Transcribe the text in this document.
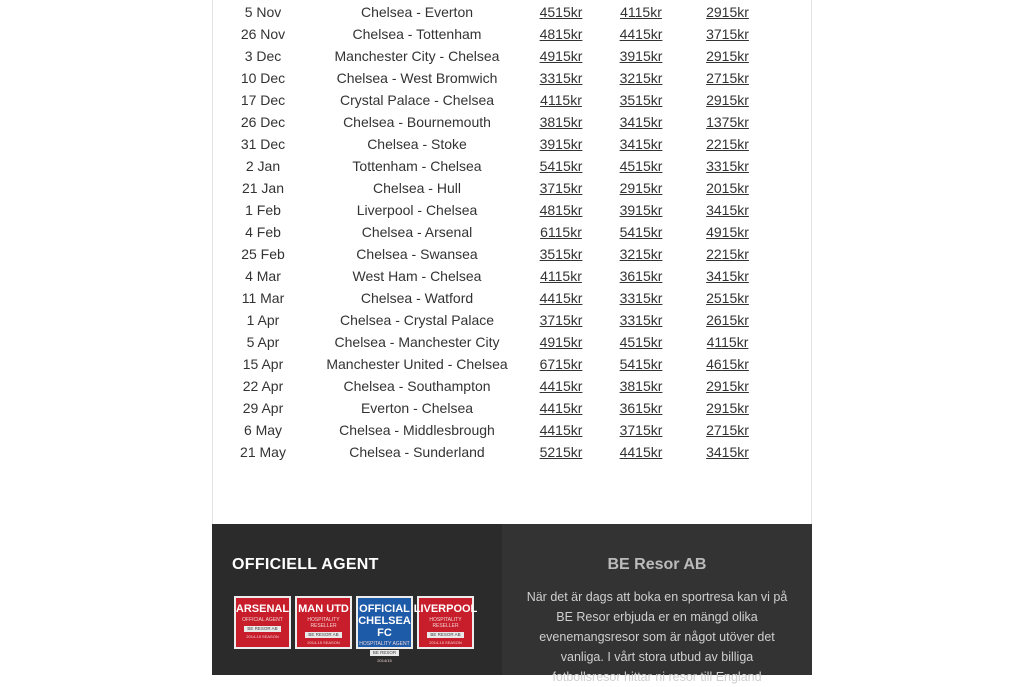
5 Nov	Chelsea - Everton	4515kr	4115kr	2915kr
26 Nov	Chelsea - Tottenham	4815kr	4415kr	3715kr
3 Dec	Manchester City - Chelsea	4915kr	3915kr	2915kr
10 Dec	Chelsea - West Bromwich	3315kr	3215kr	2715kr
17 Dec	Crystal Palace - Chelsea	4115kr	3515kr	2915kr
26 Dec	Chelsea - Bournemouth	3815kr	3415kr	1375kr
31 Dec	Chelsea - Stoke	3915kr	3415kr	2215kr
2 Jan	Tottenham - Chelsea	5415kr	4515kr	3315kr
21 Jan	Chelsea - Hull	3715kr	2915kr	2015kr
1 Feb	Liverpool - Chelsea	4815kr	3915kr	3415kr
4 Feb	Chelsea - Arsenal	6115kr	5415kr	4915kr
25 Feb	Chelsea - Swansea	3515kr	3215kr	2215kr
4 Mar	West Ham - Chelsea	4115kr	3615kr	3415kr
11 Mar	Chelsea - Watford	4415kr	3315kr	2515kr
1 Apr	Chelsea - Crystal Palace	3715kr	3315kr	2615kr
5 Apr	Chelsea - Manchester City	4915kr	4515kr	4115kr
15 Apr	Manchester United - Chelsea	6715kr	5415kr	4615kr
22 Apr	Chelsea - Southampton	4415kr	3815kr	2915kr
29 Apr	Everton - Chelsea	4415kr	3615kr	2915kr
6 May	Chelsea - Middlesbrough	4415kr	3715kr	2715kr
21 May	Chelsea - Sunderland	5215kr	4415kr	3415kr
OFFICIELL AGENT
ARSENAL
OFFICIAL AGENT
BE RESOR AB
2014-15 SEASON
MAN UTD
HOSPITALITY RESELLER
BE RESOR AB
2014-15 SEASON
OFFICIAL CHELSEA FC
HOSPITALITY AGENT
BE RESOR
2014/15
LIVERPOOL
HOSPITALITY RESELLER
BE RESOR AB
2014-15 SEASON
BE Resor AB
När det är dags att boka en sportresa kan vi på BE Resor erbjuda er en mängd olika evenemangsresor som är något utöver det vanliga. I vårt stora utbud av billiga fotbollsresor hittar ni resor till England
